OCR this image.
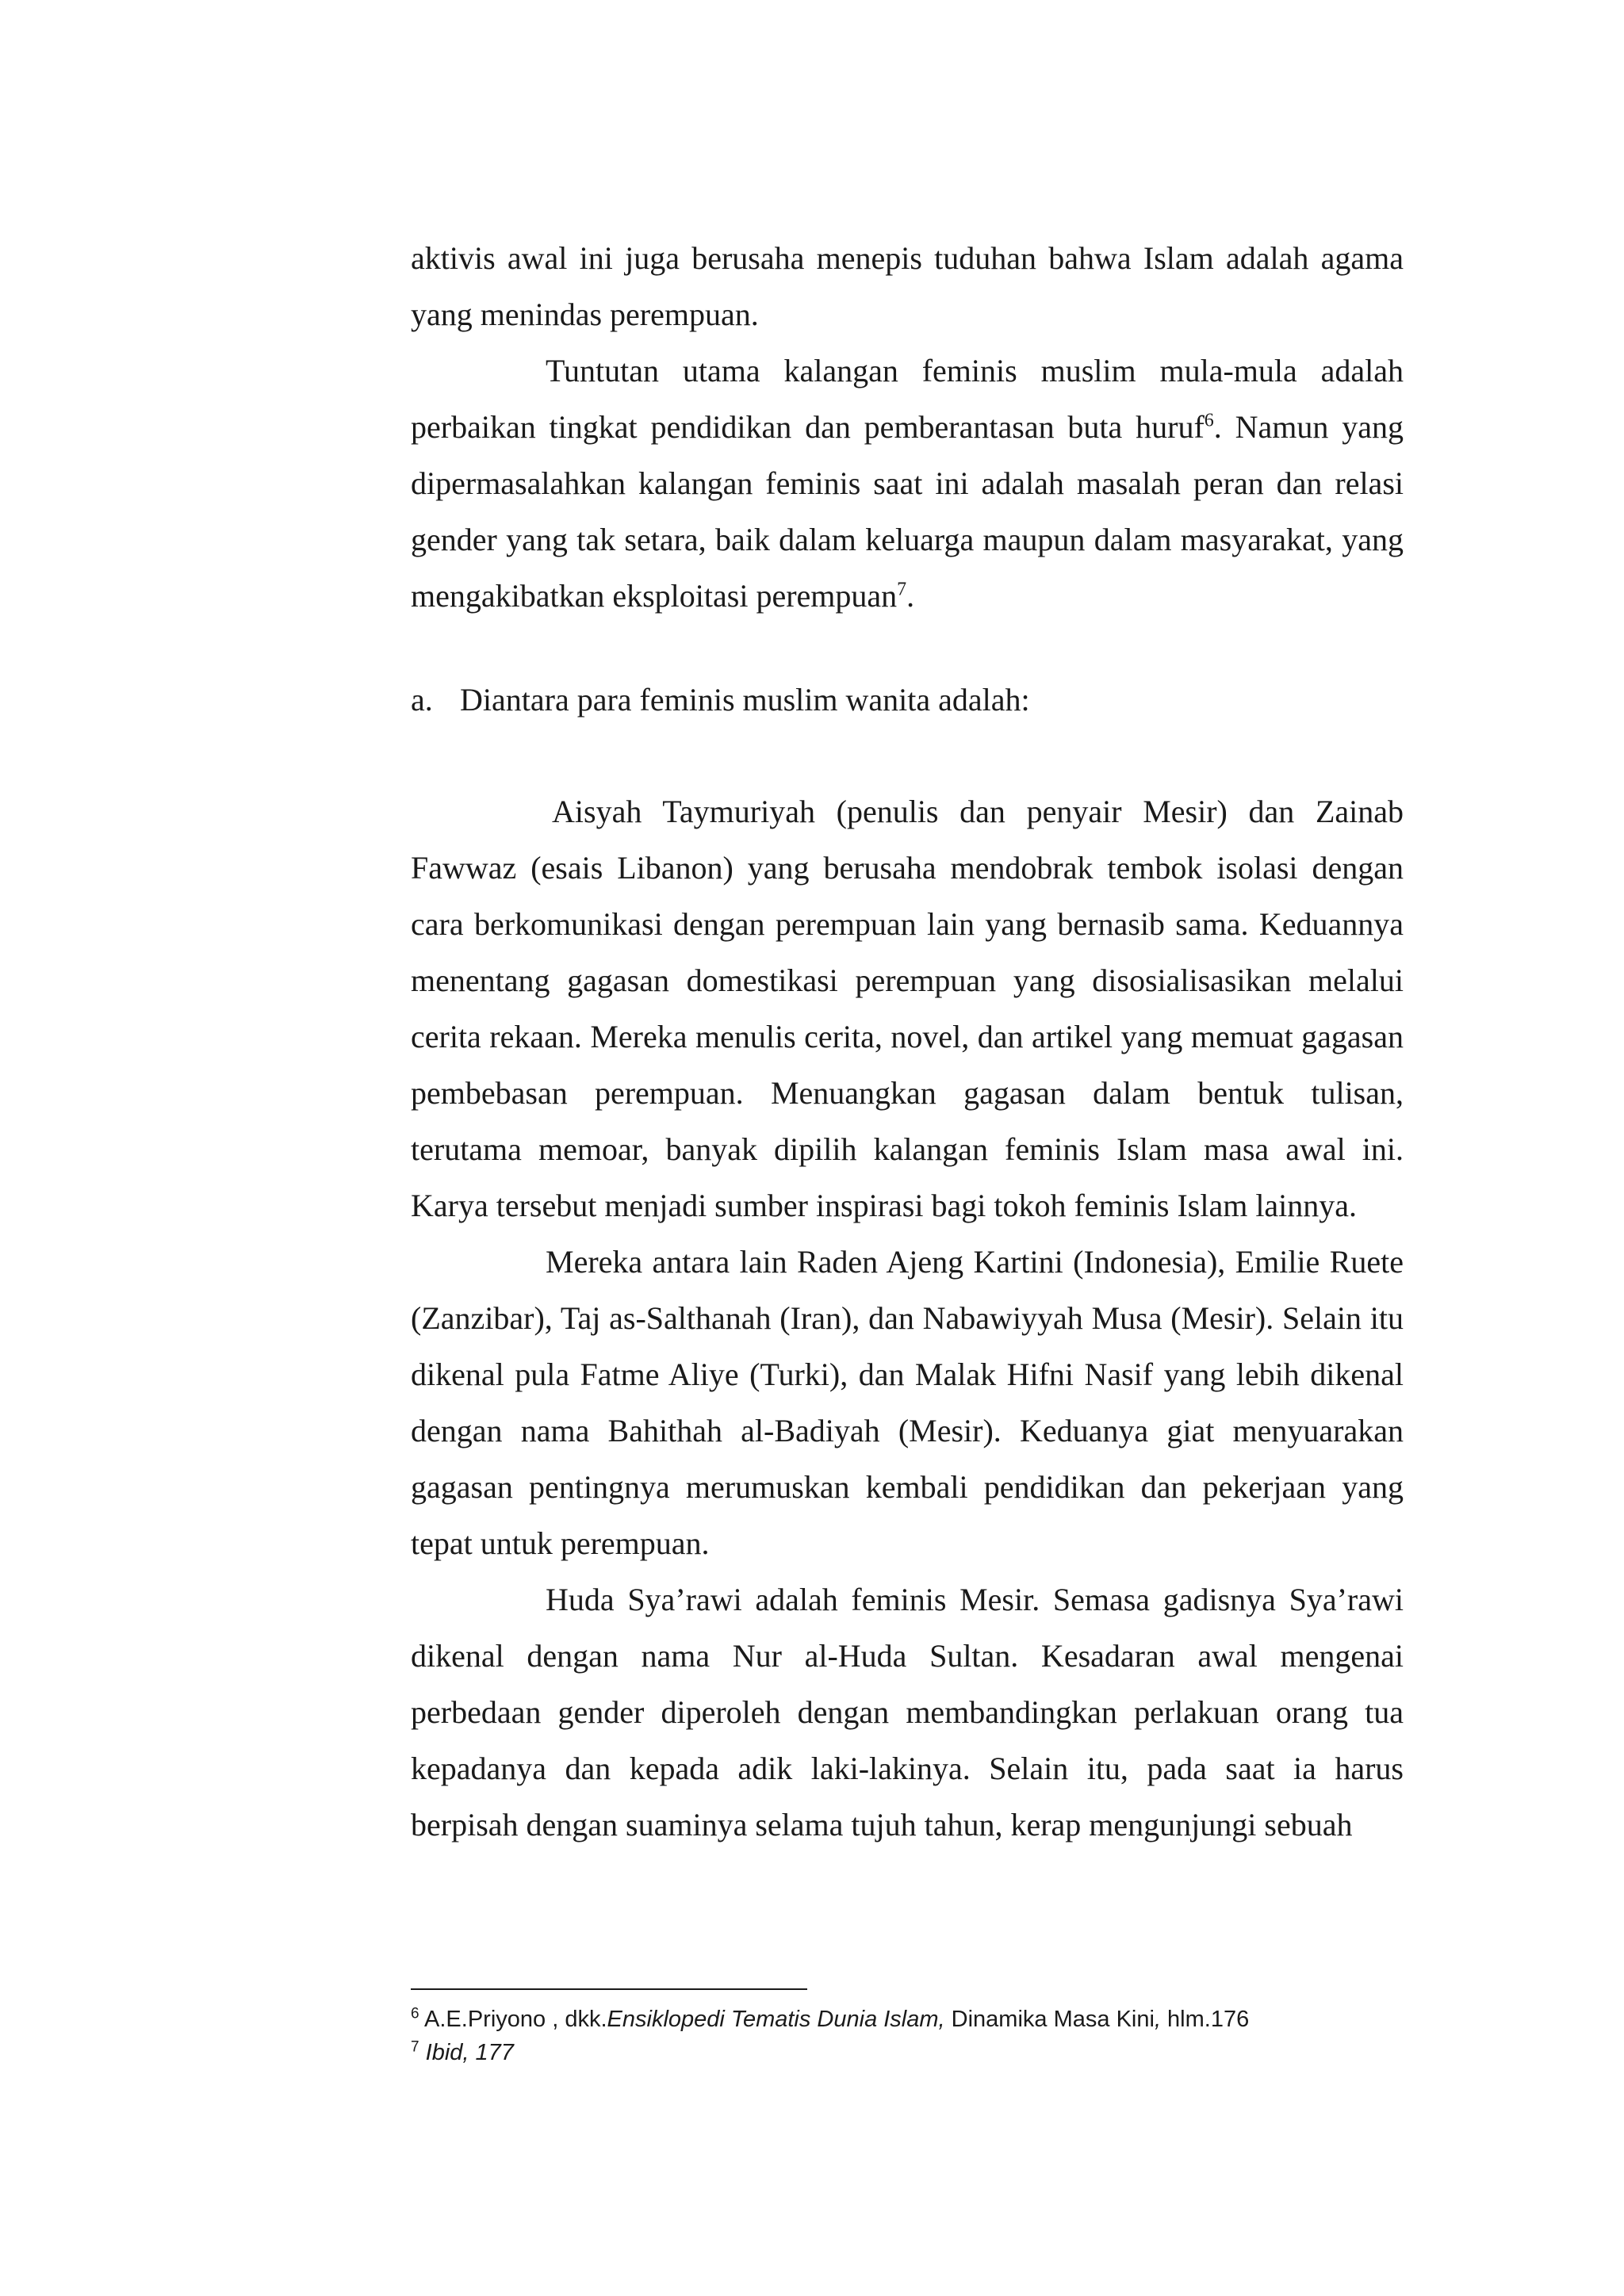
aktivis awal ini juga berusaha menepis tuduhan bahwa Islam adalah agama yang menindas perempuan.

Tuntutan utama kalangan feminis muslim mula-mula adalah perbaikan tingkat pendidikan dan pemberantasan buta huruf$^6$. Namun yang dipermasalahkan kalangan feminis saat ini adalah masalah peran dan relasi gender yang tak setara, baik dalam keluarga maupun dalam masyarakat, yang mengakibatkan eksploitasi perempuan$^7$.

a. Diantara para feminis muslim wanita adalah:

Aisyah Taymuriyah (penulis dan penyair Mesir) dan Zainab Fawwaz (esais Libanon) yang berusaha mendobrak tembok isolasi dengan cara berkomunikasi dengan perempuan lain yang bernasib sama. Keduannya menentang gagasan domestikasi perempuan yang disosialisasikan melalui cerita rekaan. Mereka menulis cerita, novel, dan artikel yang memuat gagasan pembebasan perempuan. Menuangkan gagasan dalam bentuk tulisan, terutama memoar, banyak dipilih kalangan feminis Islam masa awal ini. Karya tersebut menjadi sumber inspirasi bagi tokoh feminis Islam lainnya.

Mereka antara lain Raden Ajeng Kartini (Indonesia), Emilie Ruete (Zanzibar), Taj as-Salthanah (Iran), dan Nabawiyyah Musa (Mesir). Selain itu dikenal pula Fatme Aliye (Turki), dan Malak Hifni Nasif yang lebih dikenal dengan nama Bahithah al-Badiyah (Mesir). Keduanya giat menyuarakan gagasan pentingnya merumuskan kembali pendidikan dan pekerjaan yang tepat untuk perempuan.

Huda Sya’rawi adalah feminis Mesir. Semasa gadisnya Sya’rawi dikenal dengan nama Nur al-Huda Sultan. Kesadaran awal mengenai perbedaan gender diperoleh dengan membandingkan perlakuan orang tua kepadanya dan kepada adik laki-lakinya. Selain itu, pada saat ia harus berpisah dengan suaminya selama tujuh tahun, kerap mengunjungi sebuah

$^6$ A.E.Priyono , dkk.Ensiklopedi Tematis Dunia Islam, Dinamika Masa Kini, hlm.176

$^7$ Ibid, 177
